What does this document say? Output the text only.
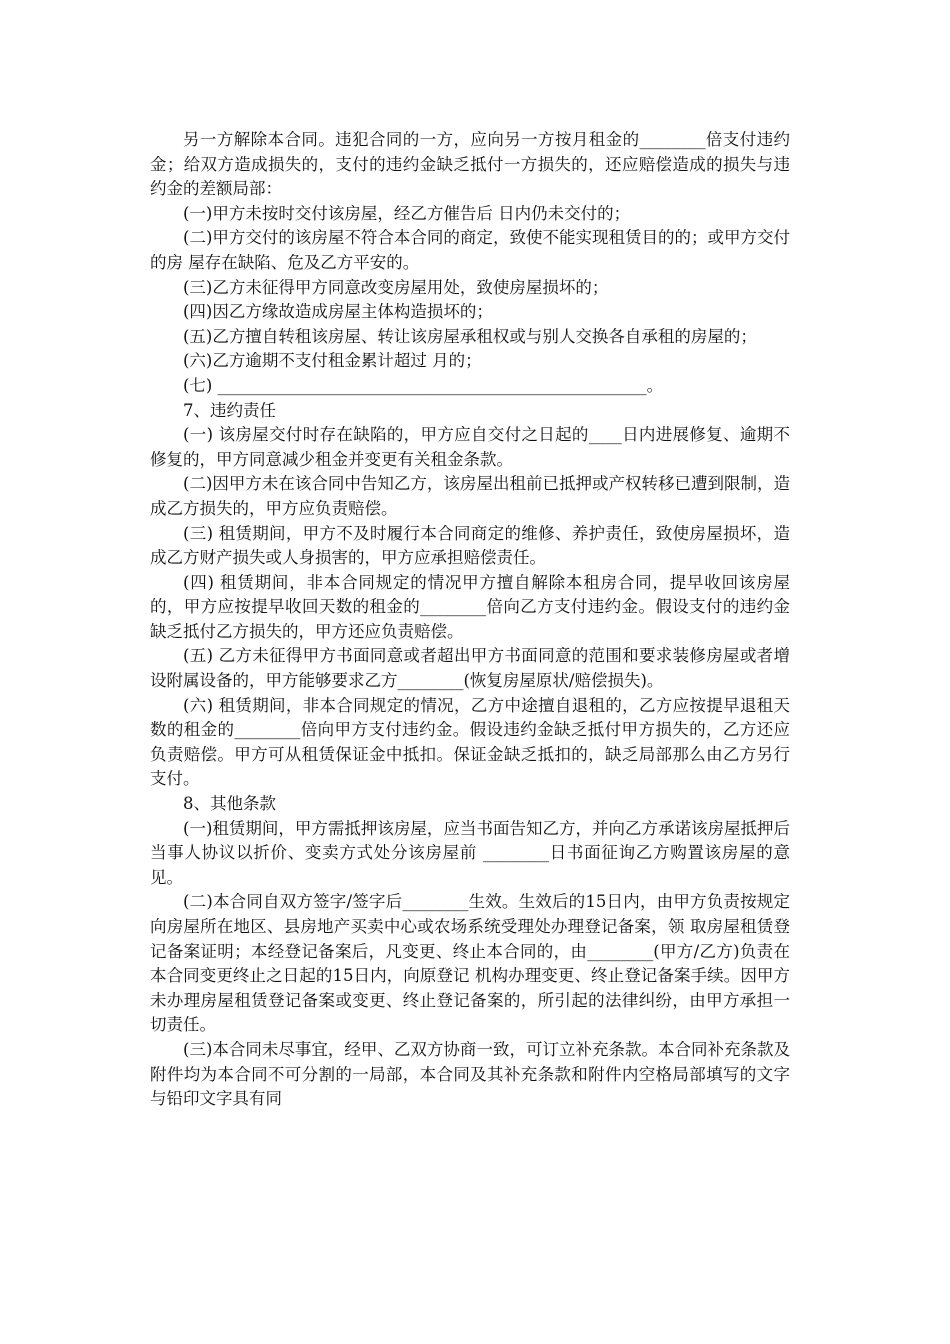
另一方解除本合同。违犯合同的一方，应向另一方按月租金的________倍支付违约金；给双方造成损失的，支付的违约金缺乏抵付一方损失的，还应赔偿造成的损失与违约金的差额局部：

(一)甲方未按时交付该房屋，经乙方催告后 日内仍未交付的；

(二)甲方交付的该房屋不符合本合同的商定，致使不能实现租赁目的的；或甲方交付的房 屋存在缺陷、危及乙方平安的。

(三)乙方未征得甲方同意改变房屋用处，致使房屋损坏的；

(四)因乙方缘故造成房屋主体构造损坏的；

(五)乙方擅自转租该房屋、转让该房屋承租权或与别人交换各自承租的房屋的；

(六)乙方逾期不支付租金累计超过 月的；

(七) ____________________________________________________。

7、违约责任

(一) 该房屋交付时存在缺陷的，甲方应自交付之日起的____日内进展修复、逾期不修复的，甲方同意减少租金并变更有关租金条款。

(二)因甲方未在该合同中告知乙方，该房屋出租前已抵押或产权转移已遭到限制，造成乙方损失的，甲方应负责赔偿。

(三) 租赁期间，甲方不及时履行本合同商定的维修、养护责任，致使房屋损坏，造成乙方财产损失或人身损害的，甲方应承担赔偿责任。

(四) 租赁期间，非本合同规定的情况甲方擅自解除本租房合同，提早收回该房屋的，甲方应按提早收回天数的租金的________倍向乙方支付违约金。假设支付的违约金缺乏抵付乙方损失的，甲方还应负责赔偿。

(五) 乙方未征得甲方书面同意或者超出甲方书面同意的范围和要求装修房屋或者增设附属设备的，甲方能够要求乙方________(恢复房屋原状/赔偿损失)。

(六) 租赁期间，非本合同规定的情况，乙方中途擅自退租的，乙方应按提早退租天数的租金的________倍向甲方支付违约金。假设违约金缺乏抵付甲方损失的，乙方还应负责赔偿。甲方可从租赁保证金中抵扣。保证金缺乏抵扣的，缺乏局部那么由乙方另行支付。

8、其他条款

(一)租赁期间，甲方需抵押该房屋，应当书面告知乙方，并向乙方承诺该房屋抵押后当事人协议以折价、变卖方式处分该房屋前 ________日书面征询乙方购置该房屋的意见。

(二)本合同自双方签字/签字后________生效。生效后的15日内，由甲方负责按规定向房屋所在地区、县房地产买卖中心或农场系统受理处办理登记备案，领 取房屋租赁登记备案证明；本经登记备案后，凡变更、终止本合同的，由________(甲方/乙方)负责在本合同变更终止之日起的15日内，向原登记 机构办理变更、终止登记备案手续。因甲方未办理房屋租赁登记备案或变更、终止登记备案的，所引起的法律纠纷，由甲方承担一切责任。

(三)本合同未尽事宜，经甲、乙双方协商一致，可订立补充条款。本合同补充条款及附件均为本合同不可分割的一局部，本合同及其补充条款和附件内空格局部填写的文字与铅印文字具有同
